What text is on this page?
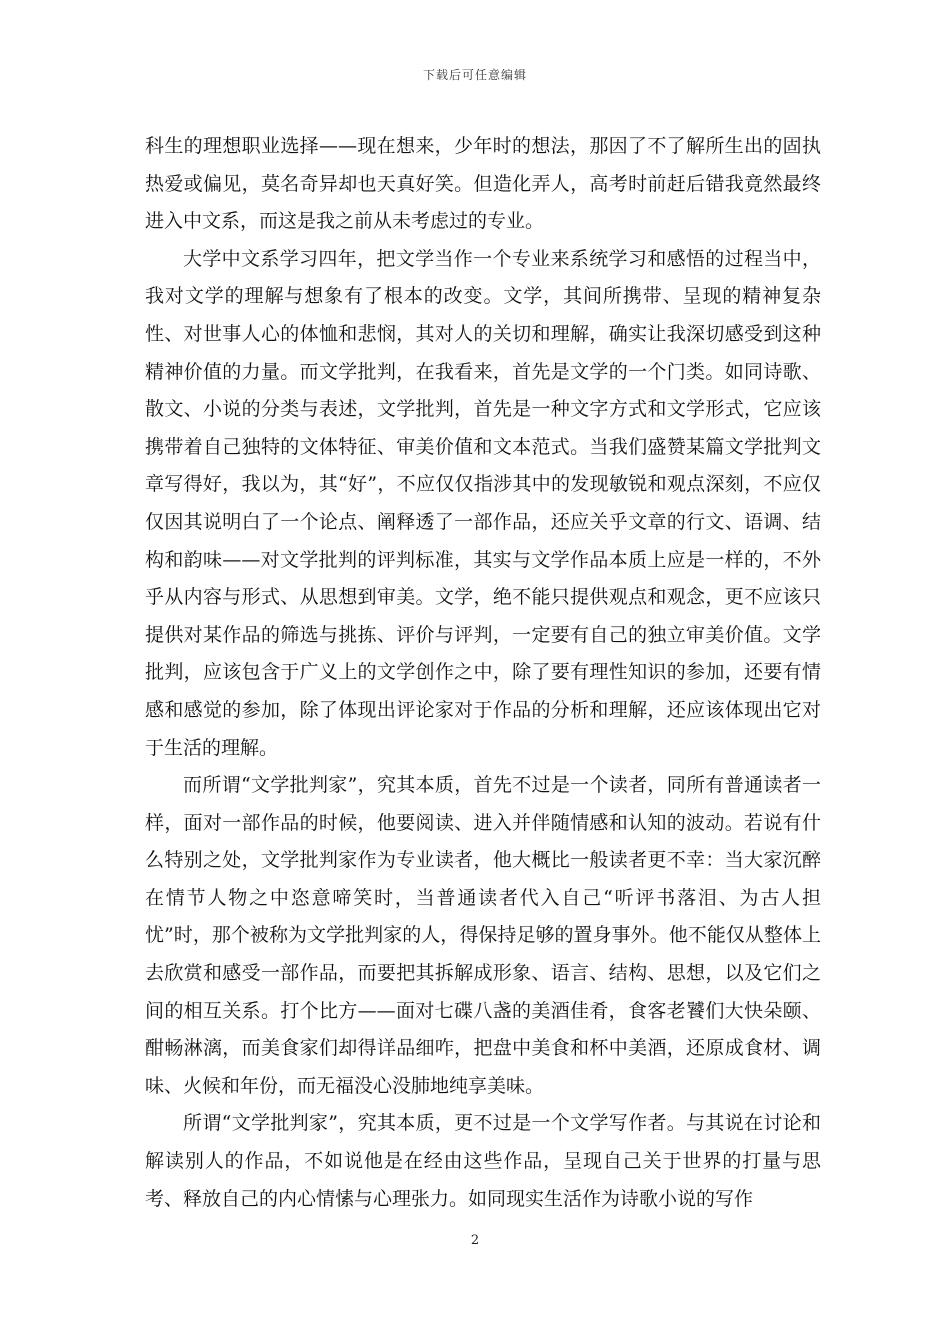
下载后可任意编辑

科生的理想职业选择——现在想来，少年时的想法，那因了不了解所生出的固执热爱或偏见，莫名奇异却也天真好笑。但造化弄人，高考时前赶后错我竟然最终进入中文系，而这是我之前从未考虑过的专业。

大学中文系学习四年，把文学当作一个专业来系统学习和感悟的过程当中，我对文学的理解与想象有了根本的改变。文学，其间所携带、呈现的精神复杂性、对世事人心的体恤和悲悯，其对人的关切和理解，确实让我深切感受到这种精神价值的力量。而文学批判，在我看来，首先是文学的一个门类。如同诗歌、散文、小说的分类与表述，文学批判，首先是一种文字方式和文学形式，它应该携带着自己独特的文体特征、审美价值和文本范式。当我们盛赞某篇文学批判文章写得好，我以为，其“好”，不应仅仅指涉其中的发现敏锐和观点深刻，不应仅仅因其说明白了一个论点、阐释透了一部作品，还应关乎文章的行文、语调、结构和韵味——对文学批判的评判标准，其实与文学作品本质上应是一样的，不外乎从内容与形式、从思想到审美。文学，绝不能只提供观点和观念，更不应该只提供对某作品的筛选与挑拣、评价与评判，一定要有自己的独立审美价值。文学批判，应该包含于广义上的文学创作之中，除了要有理性知识的参加，还要有情感和感觉的参加，除了体现出评论家对于作品的分析和理解，还应该体现出它对于生活的理解。

而所谓“文学批判家”，究其本质，首先不过是一个读者，同所有普通读者一样，面对一部作品的时候，他要阅读、进入并伴随情感和认知的波动。若说有什么特别之处，文学批判家作为专业读者，他大概比一般读者更不幸：当大家沉醉在情节人物之中恣意啼笑时，当普通读者代入自己“听评书落泪、为古人担忧”时，那个被称为文学批判家的人，得保持足够的置身事外。他不能仅从整体上去欣赏和感受一部作品，而要把其拆解成形象、语言、结构、思想，以及它们之间的相互关系。打个比方——面对七碟八盏的美酒佳肴，食客老饕们大快朵颐、酣畅淋漓，而美食家们却得详品细咋，把盘中美食和杯中美酒，还原成食材、调味、火候和年份，而无福没心没肺地纯享美味。

所谓“文学批判家”，究其本质，更不过是一个文学写作者。与其说在讨论和解读别人的作品，不如说他是在经由这些作品，呈现自己关于世界的打量与思考、释放自己的内心情愫与心理张力。如同现实生活作为诗歌小说的写作

2
